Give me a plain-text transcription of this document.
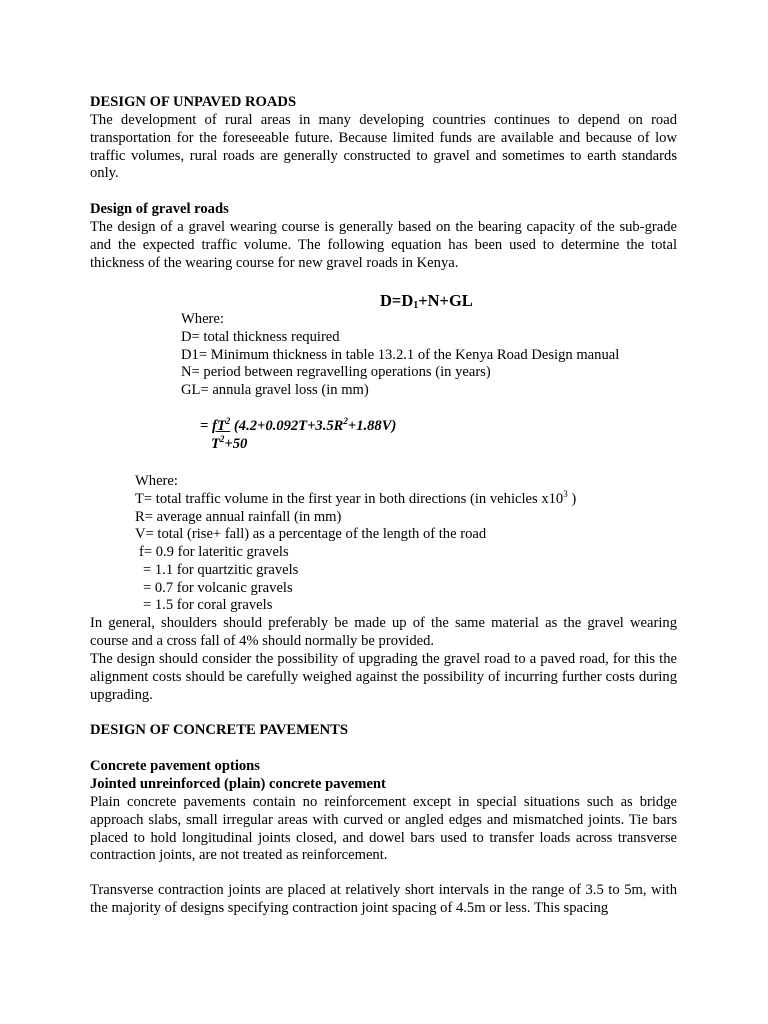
DESIGN OF UNPAVED ROADS
The development of rural areas in many developing countries continues to depend on road transportation for the foreseeable future. Because limited funds are available and because of low traffic volumes, rural roads are generally constructed to gravel and sometimes to earth standards only.
Design of gravel roads
The design of a gravel wearing course is generally based on the bearing capacity of the sub-grade and the expected traffic volume. The following equation has been used to determine the total thickness of the wearing course for new gravel roads in Kenya.
$D=D_1+N+GL$
Where:
D= total thickness required
D1= Minimum thickness in table 13.2.1 of the Kenya Road Design manual
N= period between regravelling operations (in years)
GL= annula gravel loss (in mm)
= $fT^2$ $(4.2+0.092T+3.5R^2+1.88V)$
$T^2+50$
Where:
T= total traffic volume in the first year in both directions (in vehicles $x10^3$ )
R= average annual rainfall (in mm)
V= total (rise+ fall) as a percentage of the length of the road
f= 0.9 for lateritic gravels
= 1.1 for quartzitic gravels
= 0.7 for volcanic gravels
= 1.5 for coral gravels
In general, shoulders should preferably be made up of the same material as the gravel wearing course and a cross fall of 4% should normally be provided.
The design should consider the possibility of upgrading the gravel road to a paved road, for this the alignment costs should be carefully weighed against the possibility of incurring further costs during upgrading.
DESIGN OF CONCRETE PAVEMENTS
Concrete pavement options
Jointed unreinforced (plain) concrete pavement
Plain concrete pavements contain no reinforcement except in special situations such as bridge approach slabs, small irregular areas with curved or angled edges and mismatched joints. Tie bars placed to hold longitudinal joints closed, and dowel bars used to transfer loads across transverse contraction joints, are not treated as reinforcement.
Transverse contraction joints are placed at relatively short intervals in the range of 3.5 to 5m, with the majority of designs specifying contraction joint spacing of 4.5m or less. This spacing
